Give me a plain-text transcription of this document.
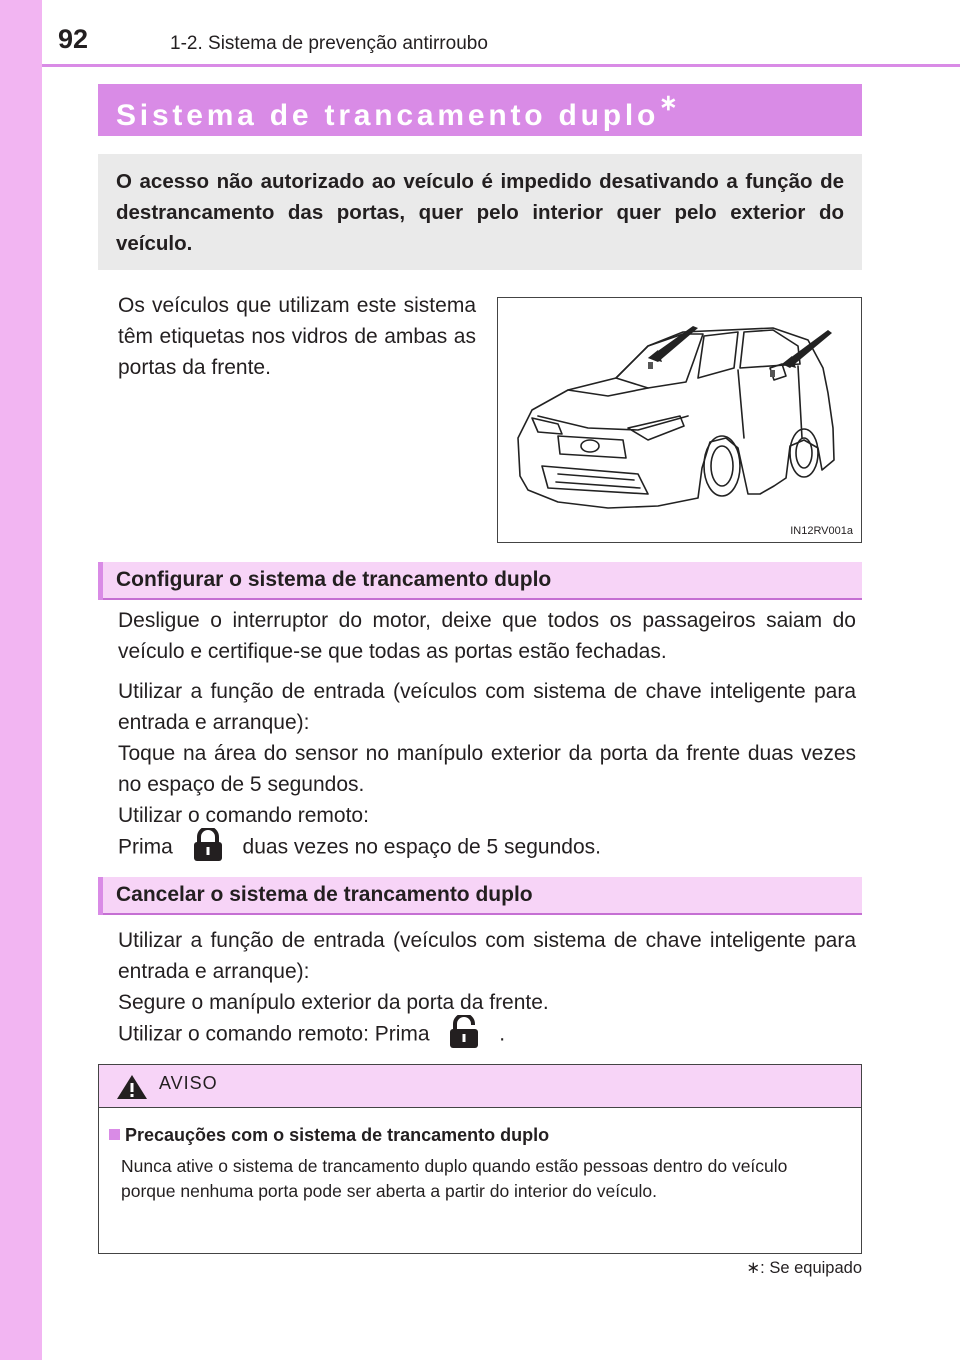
92	1-2. Sistema de prevenção antirroubo
Sistema de trancamento duplo∗
O acesso não autorizado ao veículo é impedido desativando a função de destrancamento das portas, quer pelo interior quer pelo exterior do veículo.
Os veículos que utilizam este sistema têm etiquetas nos vidros de ambas as portas da frente.
IN12RV001a
Configurar o sistema de trancamento duplo
Desligue o interruptor do motor, deixe que todos os passageiros saiam do veículo e certifique-se que todas as portas estão fechadas.
Utilizar a função de entrada (veículos com sistema de chave inteligente para entrada e arranque):
Toque na área do sensor no manípulo exterior da porta da frente duas vezes no espaço de 5 segundos.
Utilizar o comando remoto:
Prima	duas vezes no espaço de 5 segundos.
Cancelar o sistema de trancamento duplo
Utilizar a função de entrada (veículos com sistema de chave inteligente para entrada e arranque):
Segure o manípulo exterior da porta da frente.
Utilizar o comando remoto: Prima	.
AVISO
Precauções com o sistema de trancamento duplo
Nunca ative o sistema de trancamento duplo quando estão pessoas dentro do veículo porque nenhuma porta pode ser aberta a partir do interior do veículo.
∗: Se equipado
